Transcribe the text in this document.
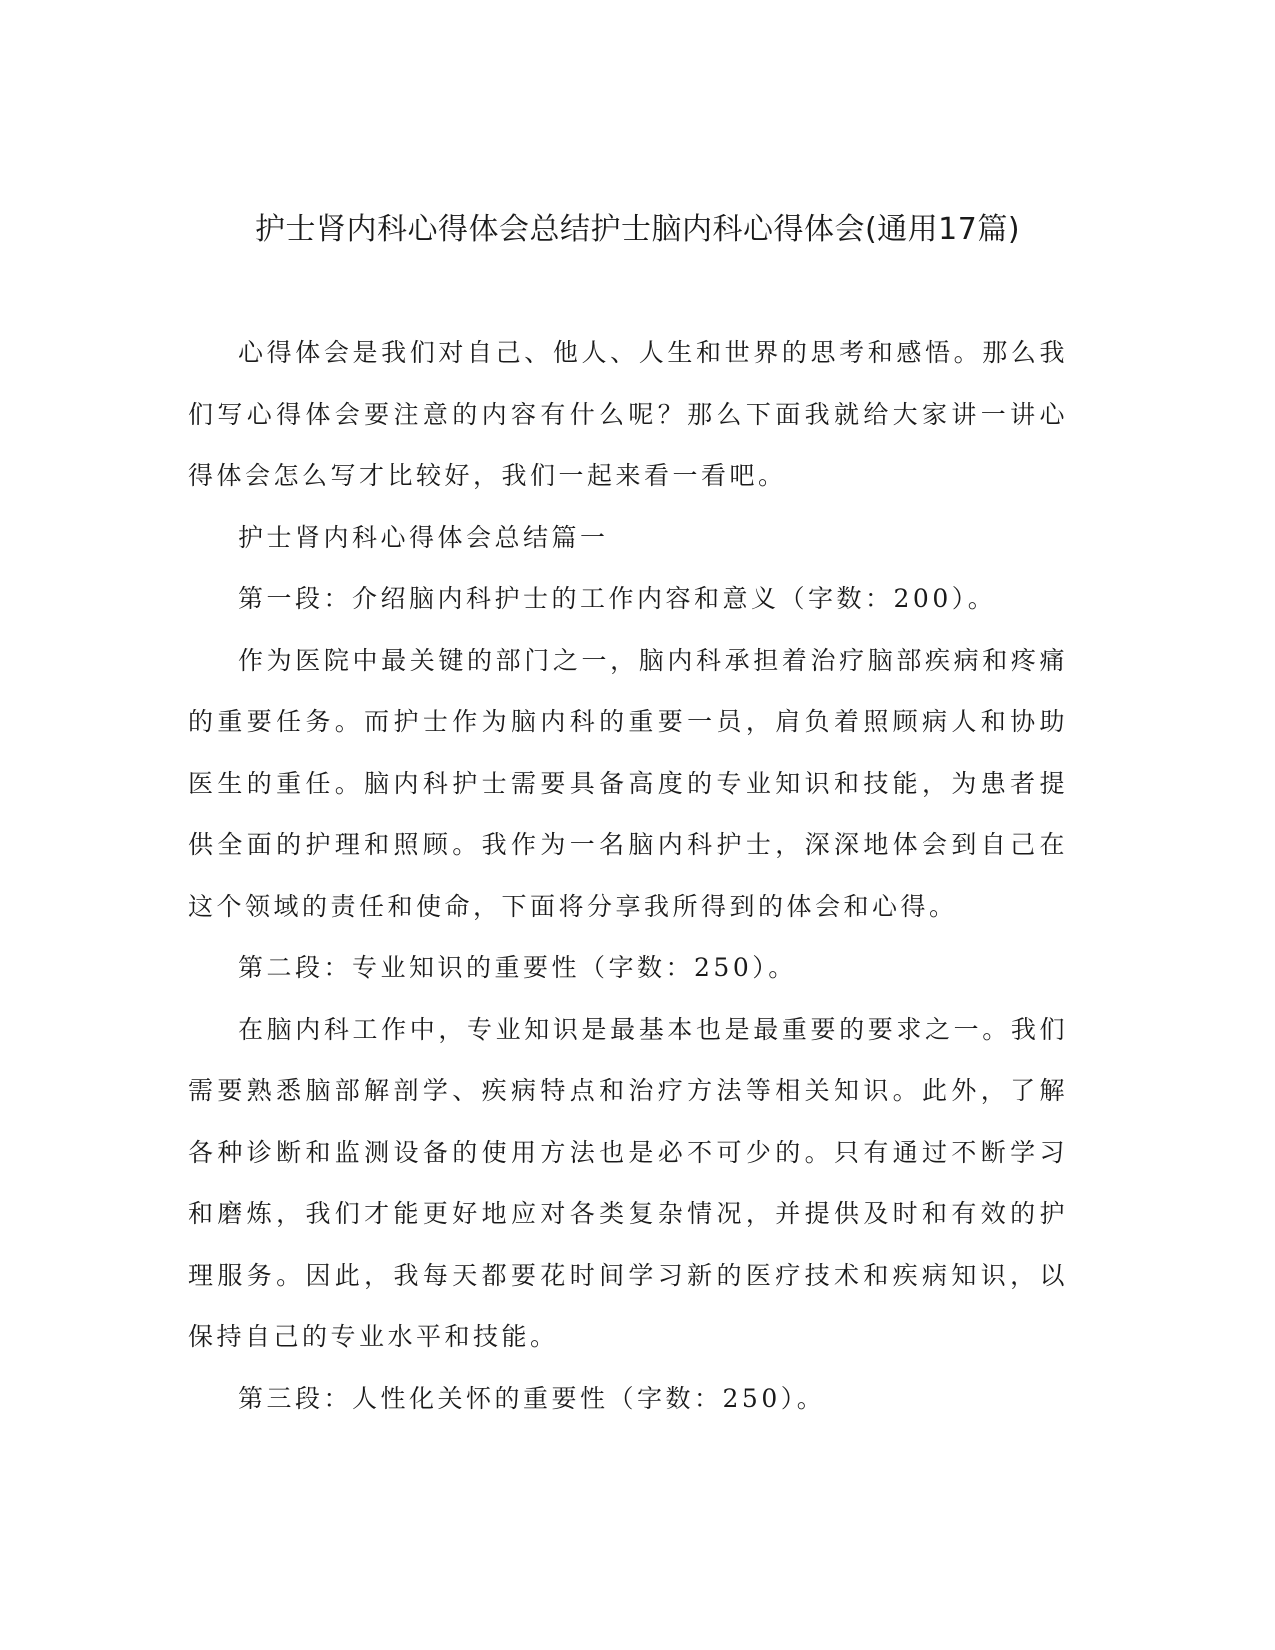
护士肾内科心得体会总结护士脑内科心得体会(通用17篇)

心得体会是我们对自己、他人、人生和世界的思考和感悟。那么我们写心得体会要注意的内容有什么呢？那么下面我就给大家讲一讲心得体会怎么写才比较好，我们一起来看一看吧。

护士肾内科心得体会总结篇一

第一段：介绍脑内科护士的工作内容和意义（字数：200）。

作为医院中最关键的部门之一，脑内科承担着治疗脑部疾病和疼痛的重要任务。而护士作为脑内科的重要一员，肩负着照顾病人和协助医生的重任。脑内科护士需要具备高度的专业知识和技能，为患者提供全面的护理和照顾。我作为一名脑内科护士，深深地体会到自己在这个领域的责任和使命，下面将分享我所得到的体会和心得。

第二段：专业知识的重要性（字数：250）。

在脑内科工作中，专业知识是最基本也是最重要的要求之一。我们需要熟悉脑部解剖学、疾病特点和治疗方法等相关知识。此外，了解各种诊断和监测设备的使用方法也是必不可少的。只有通过不断学习和磨炼，我们才能更好地应对各类复杂情况，并提供及时和有效的护理服务。因此，我每天都要花时间学习新的医疗技术和疾病知识，以保持自己的专业水平和技能。

第三段：人性化关怀的重要性（字数：250）。
